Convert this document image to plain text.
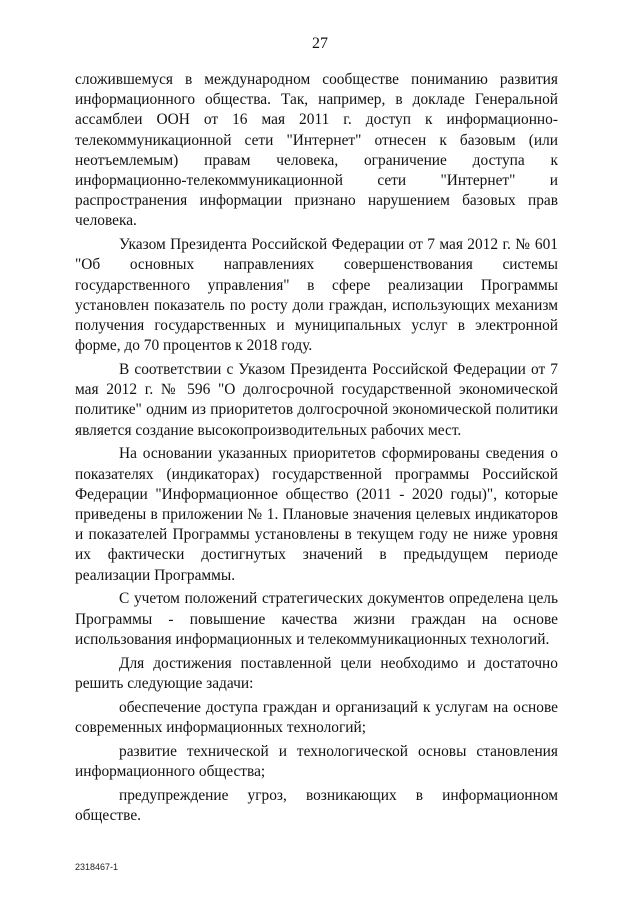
27

сложившемуся в международном сообществе пониманию развития информационного общества. Так, например, в докладе Генеральной ассамблеи ООН от 16 мая 2011 г. доступ к информационно-телекоммуникационной сети "Интернет" отнесен к базовым (или неотъемлемым) правам человека, ограничение доступа к информационно-телекоммуникационной сети "Интернет" и распространения информации признано нарушением базовых прав человека.

Указом Президента Российской Федерации от 7 мая 2012 г. № 601 "Об основных направлениях совершенствования системы государственного управления" в сфере реализации Программы установлен показатель по росту доли граждан, использующих механизм получения государственных и муниципальных услуг в электронной форме, до 70 процентов к 2018 году.

В соответствии с Указом Президента Российской Федерации от 7 мая 2012 г. № 596 "О долгосрочной государственной экономической политике" одним из приоритетов долгосрочной экономической политики является создание высокопроизводительных рабочих мест.

На основании указанных приоритетов сформированы сведения о показателях (индикаторах) государственной программы Российской Федерации "Информационное общество (2011 - 2020 годы)", которые приведены в приложении № 1. Плановые значения целевых индикаторов и показателей Программы установлены в текущем году не ниже уровня их фактически достигнутых значений в предыдущем периоде реализации Программы.

С учетом положений стратегических документов определена цель Программы - повышение качества жизни граждан на основе использования информационных и телекоммуникационных технологий.

Для достижения поставленной цели необходимо и достаточно решить следующие задачи:

обеспечение доступа граждан и организаций к услугам на основе современных информационных технологий;

развитие технической и технологической основы становления информационного общества;

предупреждение угроз, возникающих в информационном обществе.

2318467-1
